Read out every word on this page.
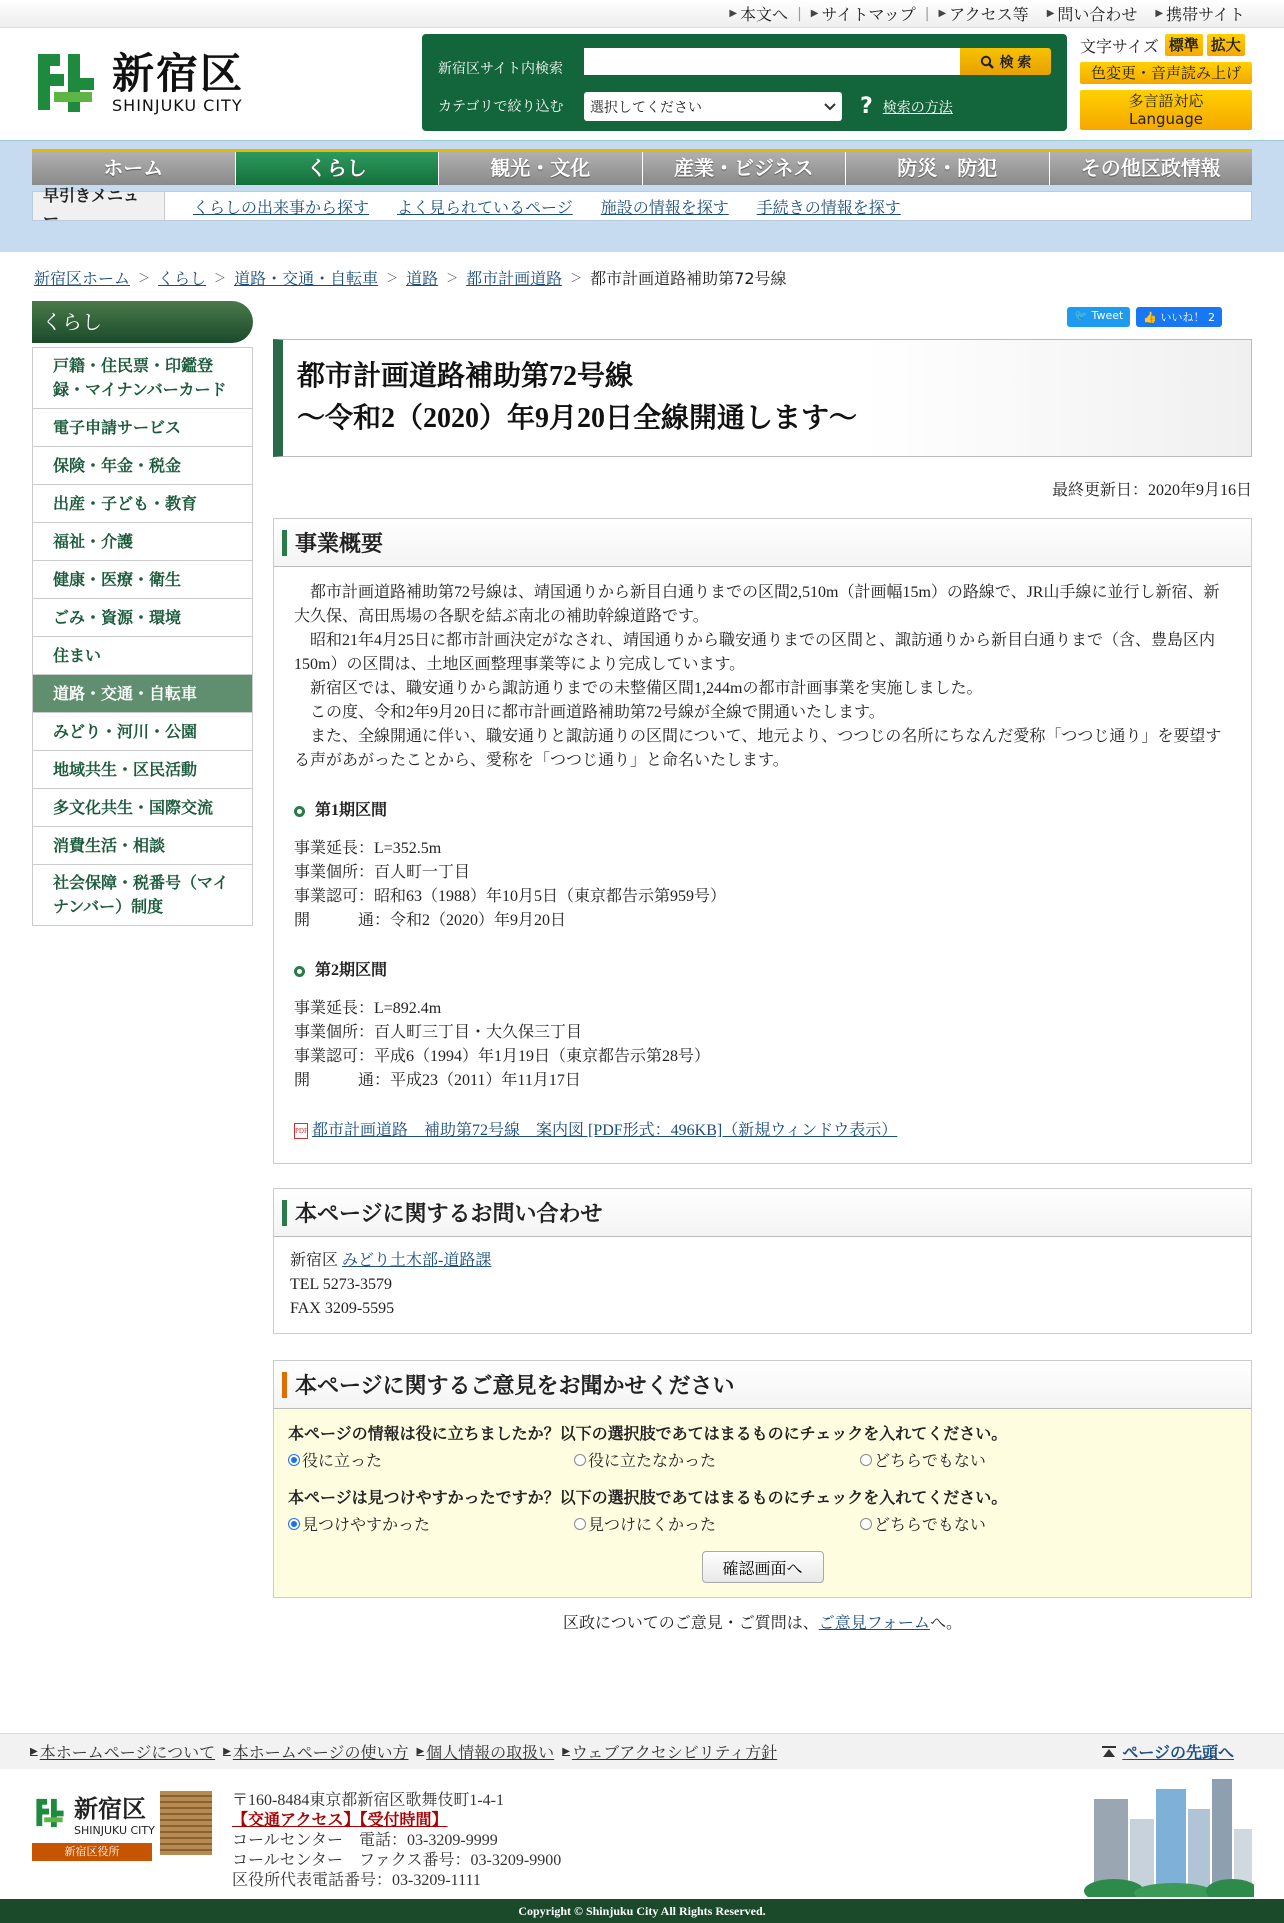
▶ 本文へ | ▶ サイトマップ | ▶ アクセス等 ▶ 問い合わせ ▶ 携帯サイト
新宿区
SHINJUKU CITY
新宿区サイト内検索	検 索
カテゴリで絞り込む 選択してください	? 検索の方法
文字サイズ 標準 拡大
色変更・音声読み上げ
多言語対応
Language
ホーム	くらし	観光・文化	産業・ビジネス	防災・防犯	その他区政情報
早引きメニュー
くらしの出来事から探す よく見られているページ 施設の情報を探す 手続きの情報を探す
新宿区ホーム ＞ くらし ＞ 道路・交通・自転車 ＞ 道路 ＞ 都市計画道路 ＞ 都市計画道路補助第72号線
くらし
戸籍・住民票・印鑑登録・マイナンバーカード
電子申請サービス
保険・年金・税金
出産・子ども・教育
福祉・介護
健康・医療・衛生
ごみ・資源・環境
住まい
道路・交通・自転車
みどり・河川・公園
地域共生・区民活動
多文化共生・国際交流
消費生活・相談
社会保障・税番号（マイナンバー）制度
🐦 Tweet	👍 いいね！ 2
都市計画道路補助第72号線
～令和2（2020）年9月20日全線開通します～
最終更新日：2020年9月16日
事業概要

都市計画道路補助第72号線は、靖国通りから新目白通りまでの区間2,510m（計画幅15m）の路線で、JR山手線に並行し新宿、新大久保、高田馬場の各駅を結ぶ南北の補助幹線道路です。

昭和21年4月25日に都市計画決定がなされ、靖国通りから職安通りまでの区間と、諏訪通りから新目白通りまで（含、豊島区内150m）の区間は、土地区画整理事業等により完成しています。

新宿区では、職安通りから諏訪通りまでの未整備区間1,244mの都市計画事業を実施しました。

この度、令和2年9月20日に都市計画道路補助第72号線が全線で開通いたします。

また、全線開通に伴い、職安通りと諏訪通りの区間について、地元より、つつじの名所にちなんだ愛称「つつじ通り」を要望する声があがったことから、愛称を「つつじ通り」と命名いたします。

第1期区間
事業延長：L=352.5m
事業個所：百人町一丁目
事業認可：昭和63（1988）年10月5日（東京都告示第959号）
開　　　通：令和2（2020）年9月20日
第2期区間
事業延長：L=892.4m
事業個所：百人町三丁目・大久保三丁目
事業認可：平成6（1994）年1月19日（東京都告示第28号）
開　　　通：平成23（2011）年11月17日
PDF 都市計画道路　補助第72号線　案内図 [PDF形式：496KB]（新規ウィンドウ表示）
本ページに関するお問い合わせ
新宿区 みどり土木部-道路課
TEL 5273-3579
FAX 3209-5595
本ページに関するご意見をお聞かせください
本ページの情報は役に立ちましたか？以下の選択肢であてはまるものにチェックを入れてください。
役に立った	役に立たなかった	どちらでもない
本ページは見つけやすかったですか？以下の選択肢であてはまるものにチェックを入れてください。
見つけやすかった	見つけにくかった	どちらでもない
確認画面へ
区政についてのご意見・ご質問は、ご意見フォームへ。
▶ 本ホームページについて ▶ 本ホームページの使い方 ▶ 個人情報の取扱い ▶ ウェブアクセシビリティ方針	ページの先頭へ
新宿区
SHINJUKU CITY
新宿区役所
〒160-8484東京都新宿区歌舞伎町1-4-1
【交通アクセス】【受付時間】
コールセンター　電話：03-3209-9999
コールセンター　ファクス番号：03-3209-9900
区役所代表電話番号：03-3209-1111
Copyright © Shinjuku City All Rights Reserved.
